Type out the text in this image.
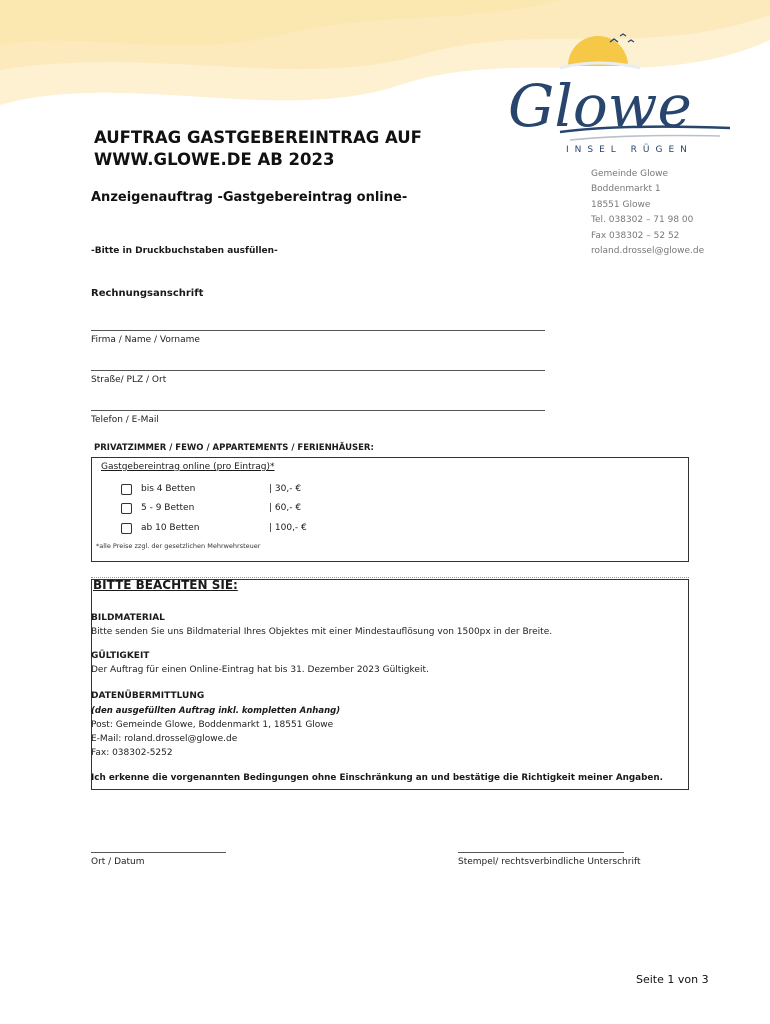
Glowe
INSEL RÜGEN
AUFTRAG GASTGEBEREINTRAG AUF
WWW.GLOWE.DE AB 2023
Anzeigenauftrag -Gastgebereintrag online-
-Bitte in Druckbuchstaben ausfüllen-
Gemeinde Glowe
Boddenmarkt 1
18551 Glowe
Tel. 038302 – 71 98 00
Fax 038302 – 52 52
roland.drossel@glowe.de
Rechnungsanschrift
Firma / Name / Vorname
Straße/ PLZ / Ort
Telefon / E-Mail
PRIVATZIMMER / FEWO / APPARTEMENTS / FERIENHÄUSER:
Gastgebereintrag online (pro Eintrag)*
bis 4 Betten	| 30,- €
5 - 9 Betten	| 60,- €
ab 10 Betten	| 100,- €
*alle Preise zzgl. der gesetzlichen Mehrwehrsteuer
BITTE BEACHTEN SIE:
BILDMATERIAL
Bitte senden Sie uns Bildmaterial Ihres Objektes mit einer Mindestauflösung von 1500px in der Breite.
GÜLTIGKEIT
Der Auftrag für einen Online-Eintrag hat bis 31. Dezember 2023 Gültigkeit.
DATENÜBERMITTLUNG
(den ausgefüllten Auftrag inkl. kompletten Anhang)
Post: Gemeinde Glowe, Boddenmarkt 1, 18551 Glowe
E-Mail: roland.drossel@glowe.de
Fax: 038302-5252
Ich erkenne die vorgenannten Bedingungen ohne Einschränkung an und bestätige die Richtigkeit meiner Angaben.
Ort / Datum	Stempel/ rechtsverbindliche Unterschrift
Seite 1 von 3
